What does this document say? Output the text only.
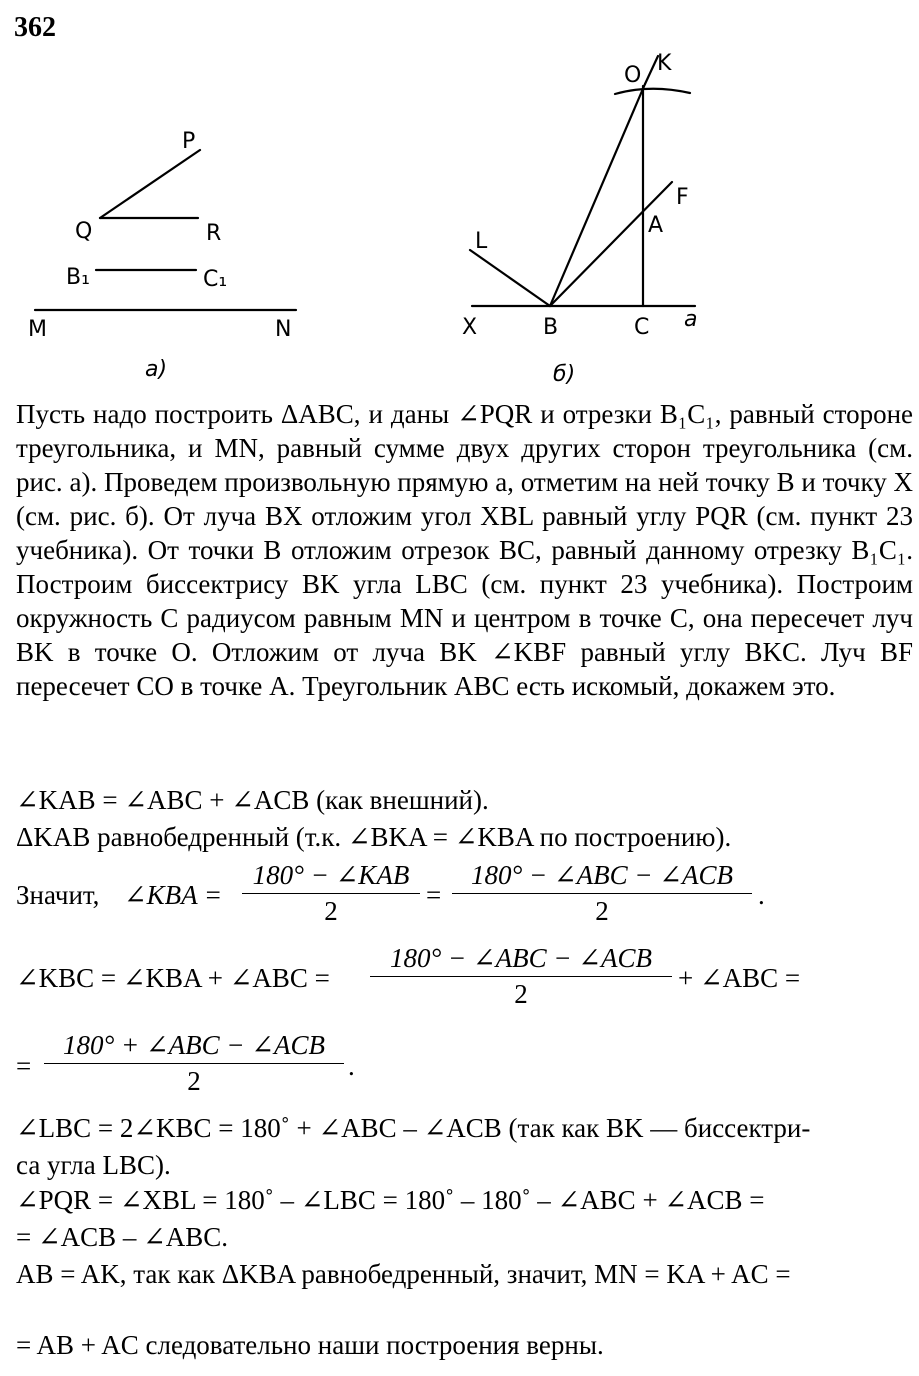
362
P
Q	R
B₁	C₁
M	N
а)
O K
F
A
L
X	B	C a
б)
Пусть надо построить ΔABC, и даны ∠PQR и отрезки B₁C₁, равный стороне треугольника, и MN, равный сумме двух других сторон треугольника (см. рис. а). Проведем произвольную прямую a, отметим на ней точку B и точку X (см. рис. б). От луча BX отложим угол XBL равный углу PQR (см. пункт 23 учебника). От точки B отложим отрезок BC, равный данному отрезку B₁C₁. Построим биссектрису BK угла LBC (см. пункт 23 учебника). Построим окружность C радиусом равным MN и центром в точке C, она пересечет луч BK в точке O. Отложим от луча BK ∠KBF равный углу BKC. Луч BF пересечет CO в точке A. Треугольник ABC есть искомый, докажем это.
∠KAB = ∠ABC + ∠ACB (как внешний).
ΔKAB равнобедренный (т.к. ∠BKA = ∠KBA по построению).
Значит, ∠KBA =
180° − ∠KAB
2
=
180° − ∠ABC − ∠ACB
2
.
∠KBC = ∠KBA + ∠ABC =
180° − ∠ABC − ∠ACB
2
+ ∠ABC =
=
180° + ∠ABC − ∠ACB
2	.
∠LBC = 2∠KBC = 180˚ + ∠ABC – ∠ACB (так как BK — биссектри-
са угла LBC).
∠PQR = ∠XBL = 180˚ – ∠LBC = 180˚ – 180˚ – ∠ABC + ∠ACB =
= ∠ACB – ∠ABC.
AB = AK, так как ΔKBA равнобедренный, значит, MN = KA + AC =
= AB + AC следовательно наши построения верны.
